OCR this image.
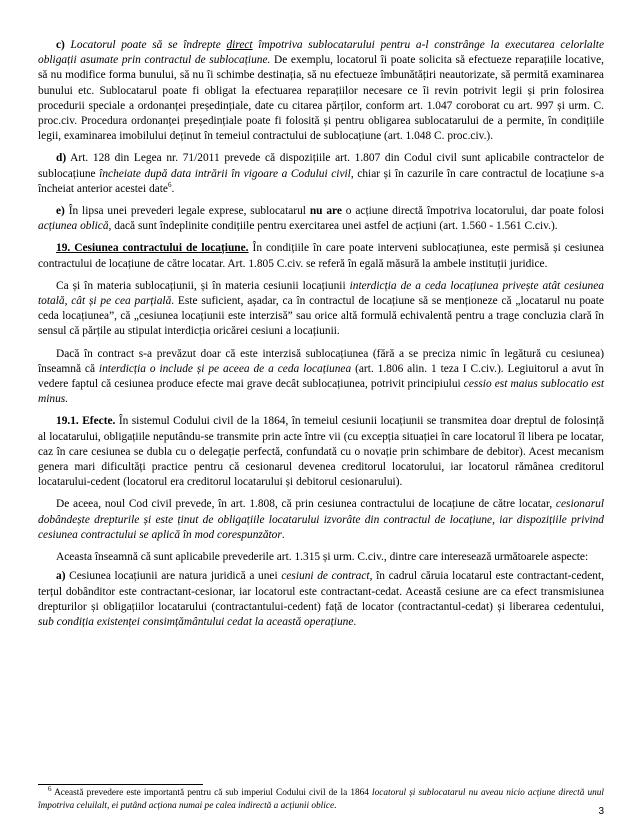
c) Locatorul poate să se îndrepte direct împotriva sublocatarului pentru a-l constrânge la executarea celorlalte obligații asumate prin contractul de sublocațiune. De exemplu, locatorul îi poate solicita să efectueze reparațiile locative, să nu modifice forma bunului, să nu îi schimbe destinația, să nu efectueze îmbunătățiri neautorizate, să permită examinarea bunului etc. Sublocatarul poate fi obligat la efectuarea reparațiilor necesare ce îi revin potrivit legii și prin folosirea procedurii speciale a ordonanței președințiale, date cu citarea părților, conform art. 1.047 coroborat cu art. 997 și urm. C. proc.civ. Procedura ordonanței președințiale poate fi folosită și pentru obligarea sublocatarului de a permite, în condițiile legii, examinarea imobilului deținut în temeiul contractului de sublocațiune (art. 1.048 C. proc.civ.).

d) Art. 128 din Legea nr. 71/2011 prevede că dispozițiile art. 1.807 din Codul civil sunt aplicabile contractelor de sublocațiune încheiate după data intrării în vigoare a Codului civil, chiar și în cazurile în care contractul de locațiune s-a încheiat anterior acestei date$^6$.

e) În lipsa unei prevederi legale exprese, sublocatarul nu are o acțiune directă împotriva locatorului, dar poate folosi acțiunea oblică, dacă sunt îndeplinite condițiile pentru exercitarea unei astfel de acțiuni (art. 1.560 - 1.561 C.civ.).

19. Cesiunea contractului de locațiune. În condițiile în care poate interveni sublocațiunea, este permisă și cesiunea contractului de locațiune de către locatar. Art. 1.805 C.civ. se referă în egală măsură la ambele instituții juridice.

Ca și în materia sublocațiunii, și în materia cesiunii locațiunii interdicția de a ceda locațiunea privește atât cesiunea totală, cât și pe cea parțială. Este suficient, așadar, ca în contractul de locațiune să se menționeze că „locatarul nu poate ceda locațiunea”, că „cesiunea locațiunii este interzisă” sau orice altă formulă echivalentă pentru a trage concluzia clară în sensul că părțile au stipulat interdicția oricărei cesiuni a locațiunii.

Dacă în contract s-a prevăzut doar că este interzisă sublocațiunea (fără a se preciza nimic în legătură cu cesiunea) înseamnă că interdicția o include și pe aceea de a ceda locațiunea (art. 1.806 alin. 1 teza I C.civ.). Legiuitorul a avut în vedere faptul că cesiunea produce efecte mai grave decât sublocațiunea, potrivit principiului cessio est maius sublocatio est minus.

19.1. Efecte. În sistemul Codului civil de la 1864, în temeiul cesiunii locațiunii se transmitea doar dreptul de folosință al locatarului, obligațiile neputându-se transmite prin acte între vii (cu excepția situației în care locatorul îl libera pe locatar, caz în care cesiunea se dubla cu o delegație perfectă, confundată cu o novație prin schimbare de debitor). Acest mecanism genera mari dificultăți practice pentru că cesionarul devenea creditorul locatorului, iar locatorul rămânea creditorul locatarului-cedent (locatorul era creditorul locatarului și debitorul cesionarului).

De aceea, noul Cod civil prevede, în art. 1.808, că prin cesiunea contractului de locațiune de către locatar, cesionarul dobândește drepturile și este ținut de obligațiile locatarului izvorâte din contractul de locațiune, iar dispozițiile privind cesiunea contractului se aplică în mod corespunzător.

Aceasta înseamnă că sunt aplicabile prevederile art. 1.315 și urm. C.civ., dintre care interesează următoarele aspecte:

a) Cesiunea locațiunii are natura juridică a unei cesiuni de contract, în cadrul căruia locatarul este contractant-cedent, terțul dobânditor este contractant-cesionar, iar locatorul este contractant-cedat. Această cesiune are ca efect transmisiunea drepturilor și obligațiilor locatarului (contractantului-cedent) față de locator (contractantul-cedat) și liberarea cedentului, sub condiția existenței consimțământului cedat la această operațiune.

$^6$ Această prevedere este importantă pentru că sub imperiul Codului civil de la 1864 locatorul și sublocatarul nu aveau nicio acțiune directă unul împotriva celuilalt, ei putând acționa numai pe calea indirectă a acțiunii oblice.
3
